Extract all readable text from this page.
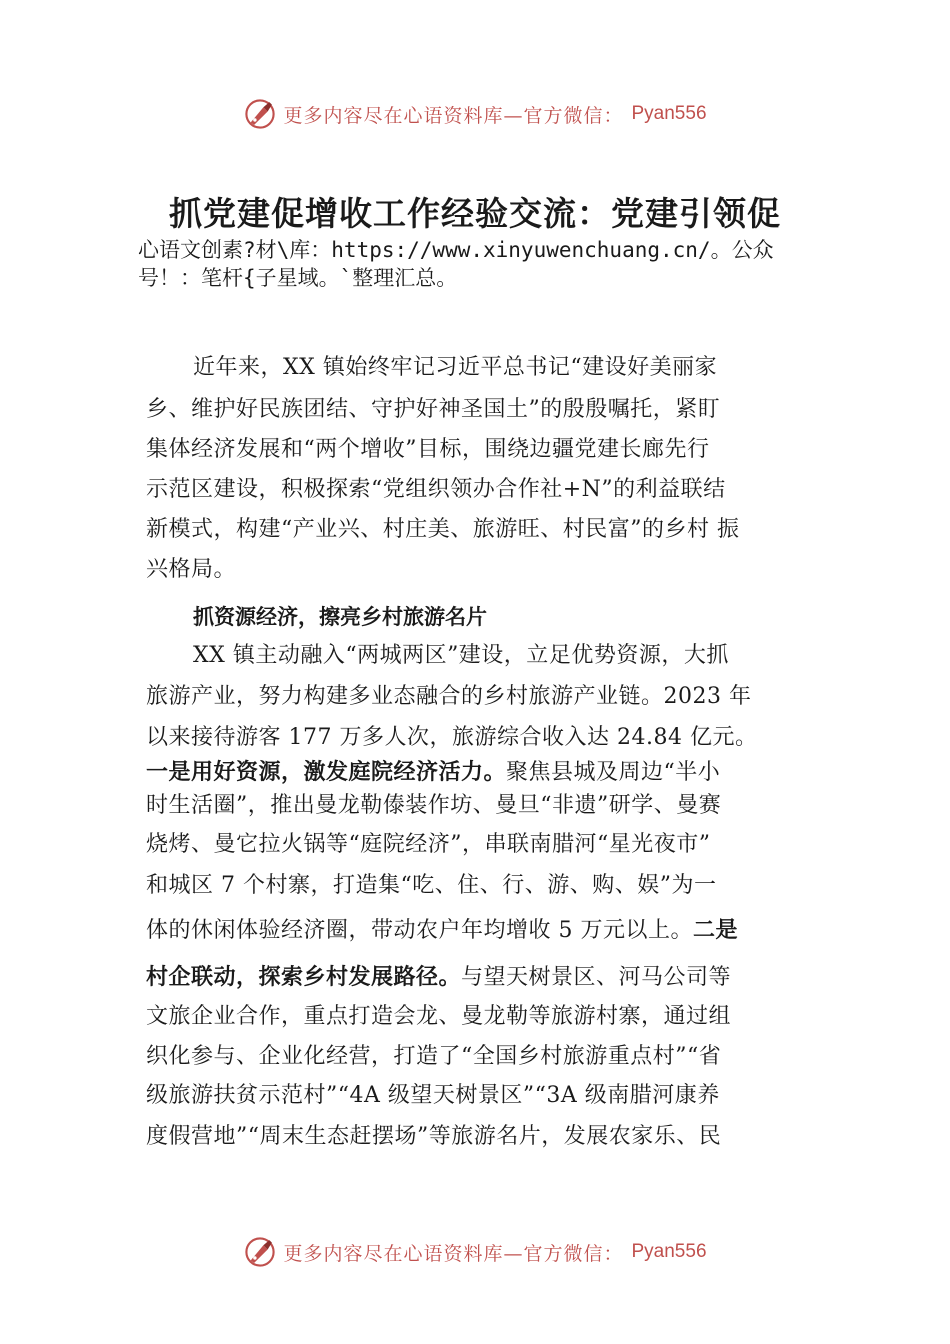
更多内容尽在心语资料库—官方微信： Pyan556
抓党建促增收工作经验交流：党建引领促
心语文创素?材\库：https://www.xinyuwenchuang.cn/。公众
号！：笔杆{子星域。`整理汇总。
近年来，XX 镇始终牢记习近平总书记“建设好美丽家
乡、维护好民族团结、守护好神圣国土”的殷殷嘱托，紧盯
集体经济发展和“两个增收”目标，围绕边疆党建长廊先行
示范区建设，积极探索“党组织领办合作社+N”的利益联结
新模式，构建“产业兴、村庄美、旅游旺、村民富”的乡村 振
兴格局。
抓资源经济，擦亮乡村旅游名片
XX 镇主动融入“两城两区”建设，立足优势资源，大抓
旅游产业，努力构建多业态融合的乡村旅游产业链。2023 年
以来接待游客 177 万多人次，旅游综合收入达 24.84 亿元。
一是用好资源，激发庭院经济活力。聚焦县城及周边“半小
时生活圈”，推出曼龙勒傣装作坊、曼旦“非遗”研学、曼赛
烧烤、曼它拉火锅等“庭院经济”，串联南腊河“星光夜市”
和城区 7 个村寨，打造集“吃、住、行、游、购、娱”为一
体的休闲体验经济圈，带动农户年均增收 5 万元以上。二是
村企联动，探索乡村发展路径。与望天树景区、河马公司等
文旅企业合作，重点打造会龙、曼龙勒等旅游村寨，通过组
织化参与、企业化经营，打造了“全国乡村旅游重点村”“省
级旅游扶贫示范村”“4A 级望天树景区”“3A 级南腊河康养
度假营地”“周末生态赶摆场”等旅游名片，发展农家乐、民
更多内容尽在心语资料库—官方微信： Pyan556
